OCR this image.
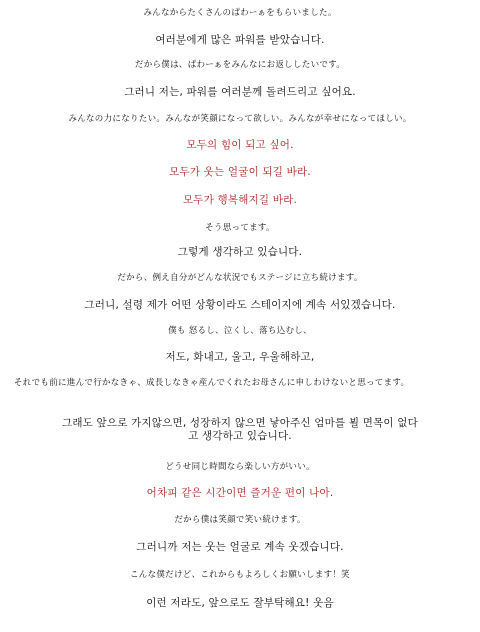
みんなからたくさんのぱわーぁをもらいました。
여러분에게 많은 파워를 받았습니다.
だから僕は、ぱわーぁをみんなにお返ししたいです。
그러니 저는, 파워를 여러분께 돌려드리고 싶어요.
みんなの力になりたい。みんなが笑顔になって欲しい。みんなが幸せになってほしい。
모두의 힘이 되고 싶어.
모두가 웃는 얼굴이 되길 바라.
모두가 행복해지길 바라.
そう思ってます。
그렇게 생각하고 있습니다.
だから、例え自分がどんな状況でもステージに立ち続けます。
그러니, 설령 제가 어떤 상황이라도 스테이지에 계속 서있겠습니다.
僕も 怒るし、泣くし、落ち込むし、
저도, 화내고, 울고, 우울해하고,
それでも前に進んで行かなきゃ、成長しなきゃ産んでくれたお母さんに申しわけないと思ってます。
그래도 앞으로 가지않으면, 성장하지 않으면 낳아주신 엄마를 뵐 면목이 없다고 생각하고 있습니다.
どうせ同じ時間なら楽しい方がいい。
어차피 같은 시간이면 즐거운 편이 나아.
だから僕は笑顔で笑い続けます。
그러니까 저는 웃는 얼굴로 계속 웃겠습니다.
こんな僕だけど、これからもよろしくお願いします！笑
이런 저라도, 앞으로도 잘부탁해요! 웃음
